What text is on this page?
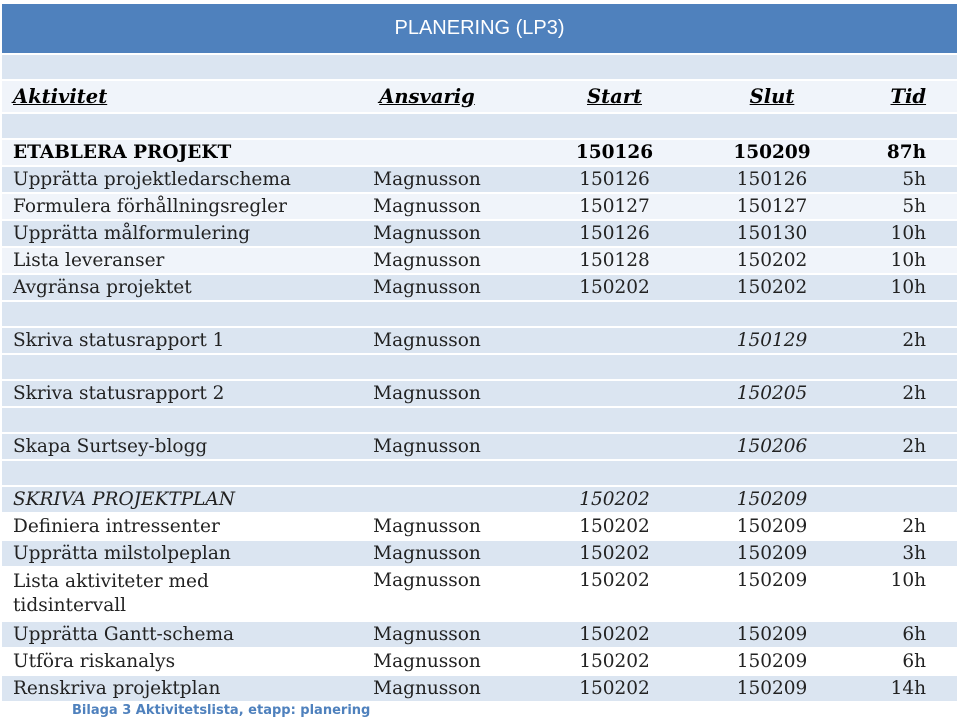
PLANERING (LP3)				

Aktivitet	Ansvarig	Start	Slut	Tid

ETABLERA PROJEKT		150126	150209	87h
Upprätta projektledarschema	Magnusson	150126	150126	5h
Formulera förhållningsregler	Magnusson	150127	150127	5h
Upprätta målformulering	Magnusson	150126	150130	10h
Lista leveranser	Magnusson	150128	150202	10h
Avgränsa projektet	Magnusson	150202	150202	10h

Skriva statusrapport 1	Magnusson		150129	2h

Skriva statusrapport 2	Magnusson		150205	2h

Skapa Surtsey-blogg	Magnusson		150206	2h

SKRIVA PROJEKTPLAN		150202	150209	
Definiera intressenter	Magnusson	150202	150209	2h
Upprätta milstolpeplan	Magnusson	150202	150209	3h
Lista aktiviteter med tidsintervall	Magnusson	150202	150209	10h
Upprätta Gantt-schema	Magnusson	150202	150209	6h
Utföra riskanalys	Magnusson	150202	150209	6h
Renskriva projektplan	Magnusson	150202	150209	14h
Bilaga 3 Aktivitetslista, etapp: planering
